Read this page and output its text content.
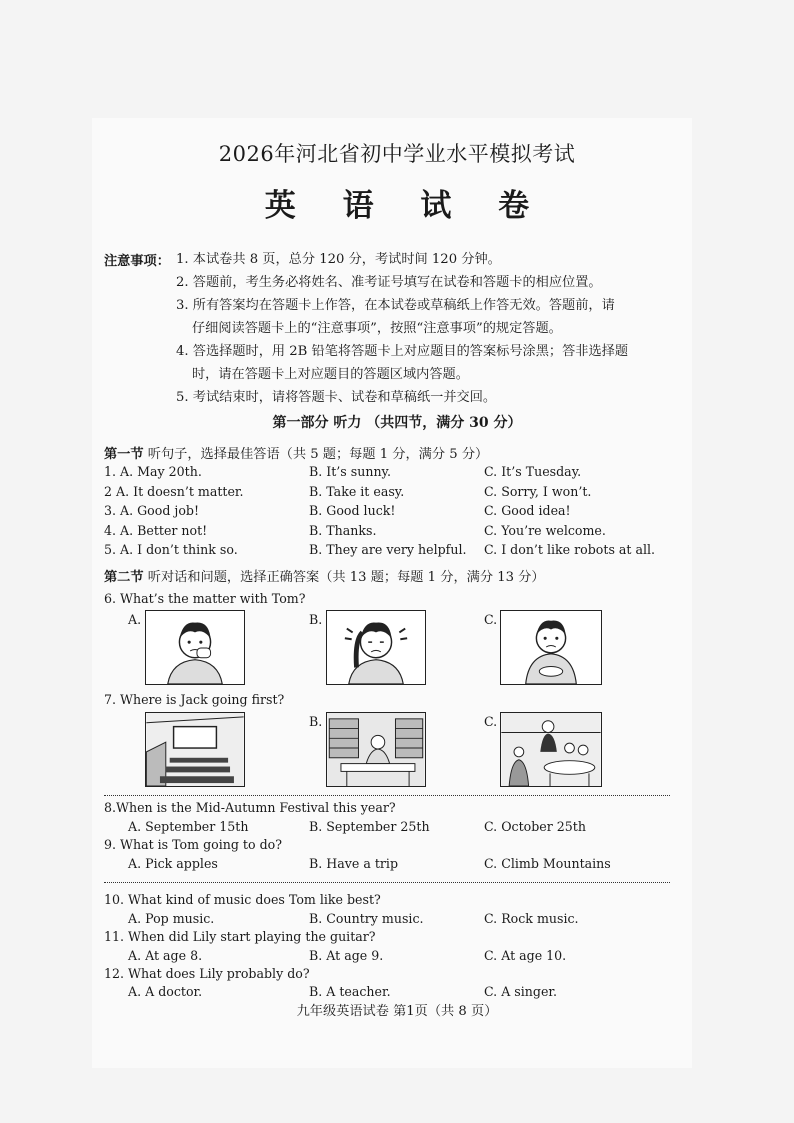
2026年河北省初中学业水平模拟考试
英 语 试 卷
注意事项： 1. 本试卷共 8 页，总分 120 分，考试时间 120 分钟。
2. 答题前，考生务必将姓名、准考证号填写在试卷和答题卡的相应位置。
3. 所有答案均在答题卡上作答，在本试卷或草稿纸上作答无效。答题前，请
仔细阅读答题卡上的“注意事项”，按照“注意事项”的规定答题。
4. 答选择题时，用 2B 铅笔将答题卡上对应题目的答案标号涂黑；答非选择题
时，请在答题卡上对应题目的答题区域内答题。
5. 考试结束时，请将答题卡、试卷和草稿纸一并交回。
第一部分 听力 （共四节，满分 30 分）
第一节 听句子，选择最佳答语（共 5 题；每题 1 分，满分 5 分）
1. A. May 20th.	B. It’s sunny.	C. It’s Tuesday.
2 A. It doesn’t matter.	B. Take it easy.	C. Sorry, I won’t.
3. A. Good job!	B. Good luck!	C. Good idea!
4. A. Better not!	B. Thanks.	C. You’re welcome.
5. A. I don’t think so.	B. They are very helpful. C. I don’t like robots at all.
第二节 听对话和问题，选择正确答案（共 13 题；每题 1 分，满分 13 分）
6. What’s the matter with Tom?
A.	B.	C.
7. Where is Jack going first?
B.	C.
8.When is the Mid-Autumn Festival this year?
A. September 15th	B. September 25th	C. October 25th
9. What is Tom going to do?
A. Pick apples	B. Have a trip	C. Climb Mountains
10. What kind of music does Tom like best?
A. Pop music.	B. Country music.	C. Rock music.
11. When did Lily start playing the guitar?
A. At age 8.	B. At age 9.	C. At age 10.
12. What does Lily probably do?
A. A doctor.	B. A teacher.	C. A singer.
九年级英语试卷 第1页（共 8 页）
